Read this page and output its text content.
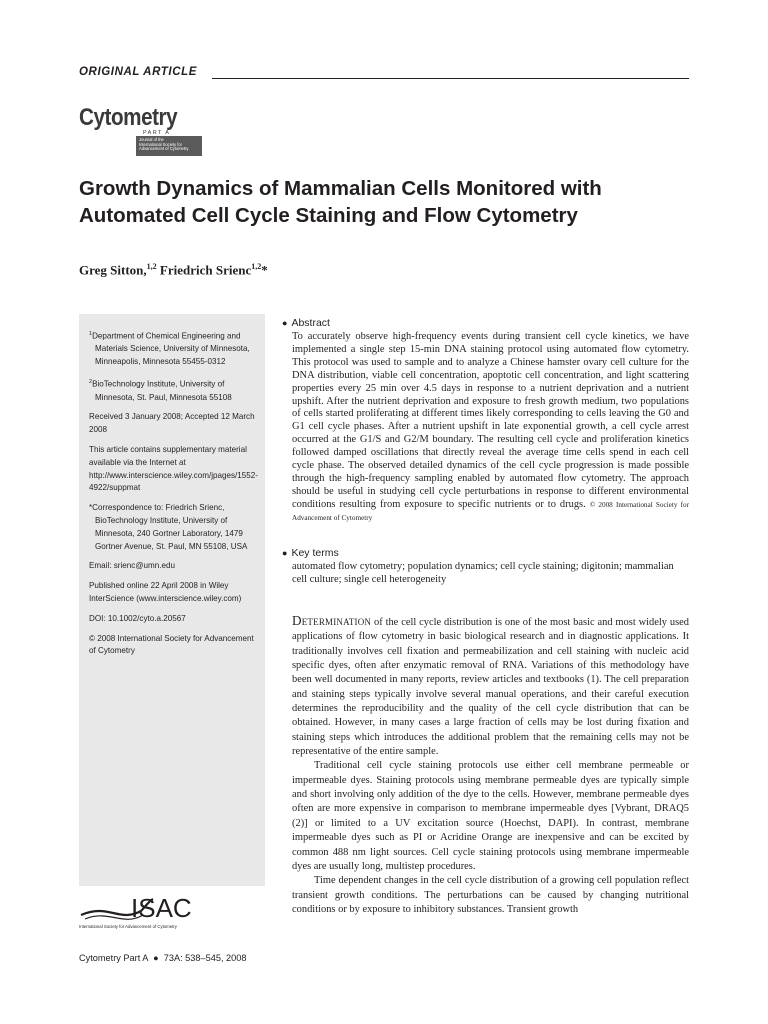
ORIGINAL ARTICLE
Cytometry
PART A
Journal of the
International Society for
Advancement of Cytometry
Growth Dynamics of Mammalian Cells Monitored with Automated Cell Cycle Staining and Flow Cytometry
Greg Sitton,$^{1,2}$ Friedrich Srienc$^{1,2}$*
$^1$Department of Chemical Engineering and Materials Science, University of Minnesota, Minneapolis, Minnesota 55455-0312
$^2$BioTechnology Institute, University of Minnesota, St. Paul, Minnesota 55108
Received 3 January 2008; Accepted 12 March 2008
This article contains supplementary material available via the Internet at http://www.interscience.wiley.com/jpages/1552-4922/suppmat
*Correspondence to: Friedrich Srienc, BioTechnology Institute, University of Minnesota, 240 Gortner Laboratory, 1479 Gortner Avenue, St. Paul, MN 55108, USA
Email: srienc@umn.edu
Published online 22 April 2008 in Wiley InterScience (www.interscience.wiley.com)
DOI: 10.1002/cyto.a.20567
© 2008 International Society for Advancement of Cytometry
ISAC
International Society for Advancement of Cytometry
Cytometry Part A  ●  73A: 538–545, 2008
● Abstract
To accurately observe high-frequency events during transient cell cycle kinetics, we have implemented a single step 15-min DNA staining protocol using automated flow cytometry. This protocol was used to sample and to analyze a Chinese hamster ovary cell culture for the DNA distribution, viable cell concentration, apoptotic cell concentration, and light scattering properties every 25 min over 4.5 days in response to a nutrient deprivation and a nutrient upshift. After the nutrient deprivation and exposure to fresh growth medium, two populations of cells started proliferating at different times likely corresponding to cells leaving the G0 and G1 cell cycle phases. After a nutrient upshift in late exponential growth, a cell cycle arrest occurred at the G1/S and G2/M boundary. The resulting cell cycle and proliferation kinetics followed damped oscillations that directly reveal the average time cells spend in each cell cycle phase. The observed detailed dynamics of the cell cycle progression is made possible through the high-frequency sampling enabled by automated flow cytometry. The approach should be useful in studying cell cycle perturbations in response to different environmental conditions resulting from exposure to specific nutrients or to drugs. © 2008 International Society for Advancement of Cytometry
● Key terms
automated flow cytometry; population dynamics; cell cycle staining; digitonin; mammalian cell culture; single cell heterogeneity

Determination of the cell cycle distribution is one of the most basic and most widely used applications of flow cytometry in basic biological research and in diagnostic applications. It traditionally involves cell fixation and permeabilization and cell staining with nucleic acid specific dyes, often after enzymatic removal of RNA. Variations of this methodology have been well documented in many reports, review articles and textbooks (1). The cell preparation and staining steps typically involve several manual operations, and their careful execution determines the reproducibility and the quality of the cell cycle distribution that can be obtained. However, in many cases a large fraction of cells may be lost during fixation and staining steps which introduces the additional problem that the remaining cells may not be representative of the entire sample.

Traditional cell cycle staining protocols use either cell membrane permeable or impermeable dyes. Staining protocols using membrane permeable dyes are typically simple and short involving only addition of the dye to the cells. However, membrane permeable dyes often are more expensive in comparison to membrane impermeable dyes [Vybrant, DRAQ5 (2)] or limited to a UV excitation source (Hoechst, DAPI). In contrast, membrane impermeable dyes such as PI or Acridine Orange are inexpensive and can be excited by common 488 nm light sources. Cell cycle staining protocols using membrane impermeable dyes are usually long, multistep procedures.

Time dependent changes in the cell cycle distribution of a growing cell population reflect transient growth conditions. The perturbations can be caused by changing nutritional conditions or by exposure to inhibitory substances. Transient growth
